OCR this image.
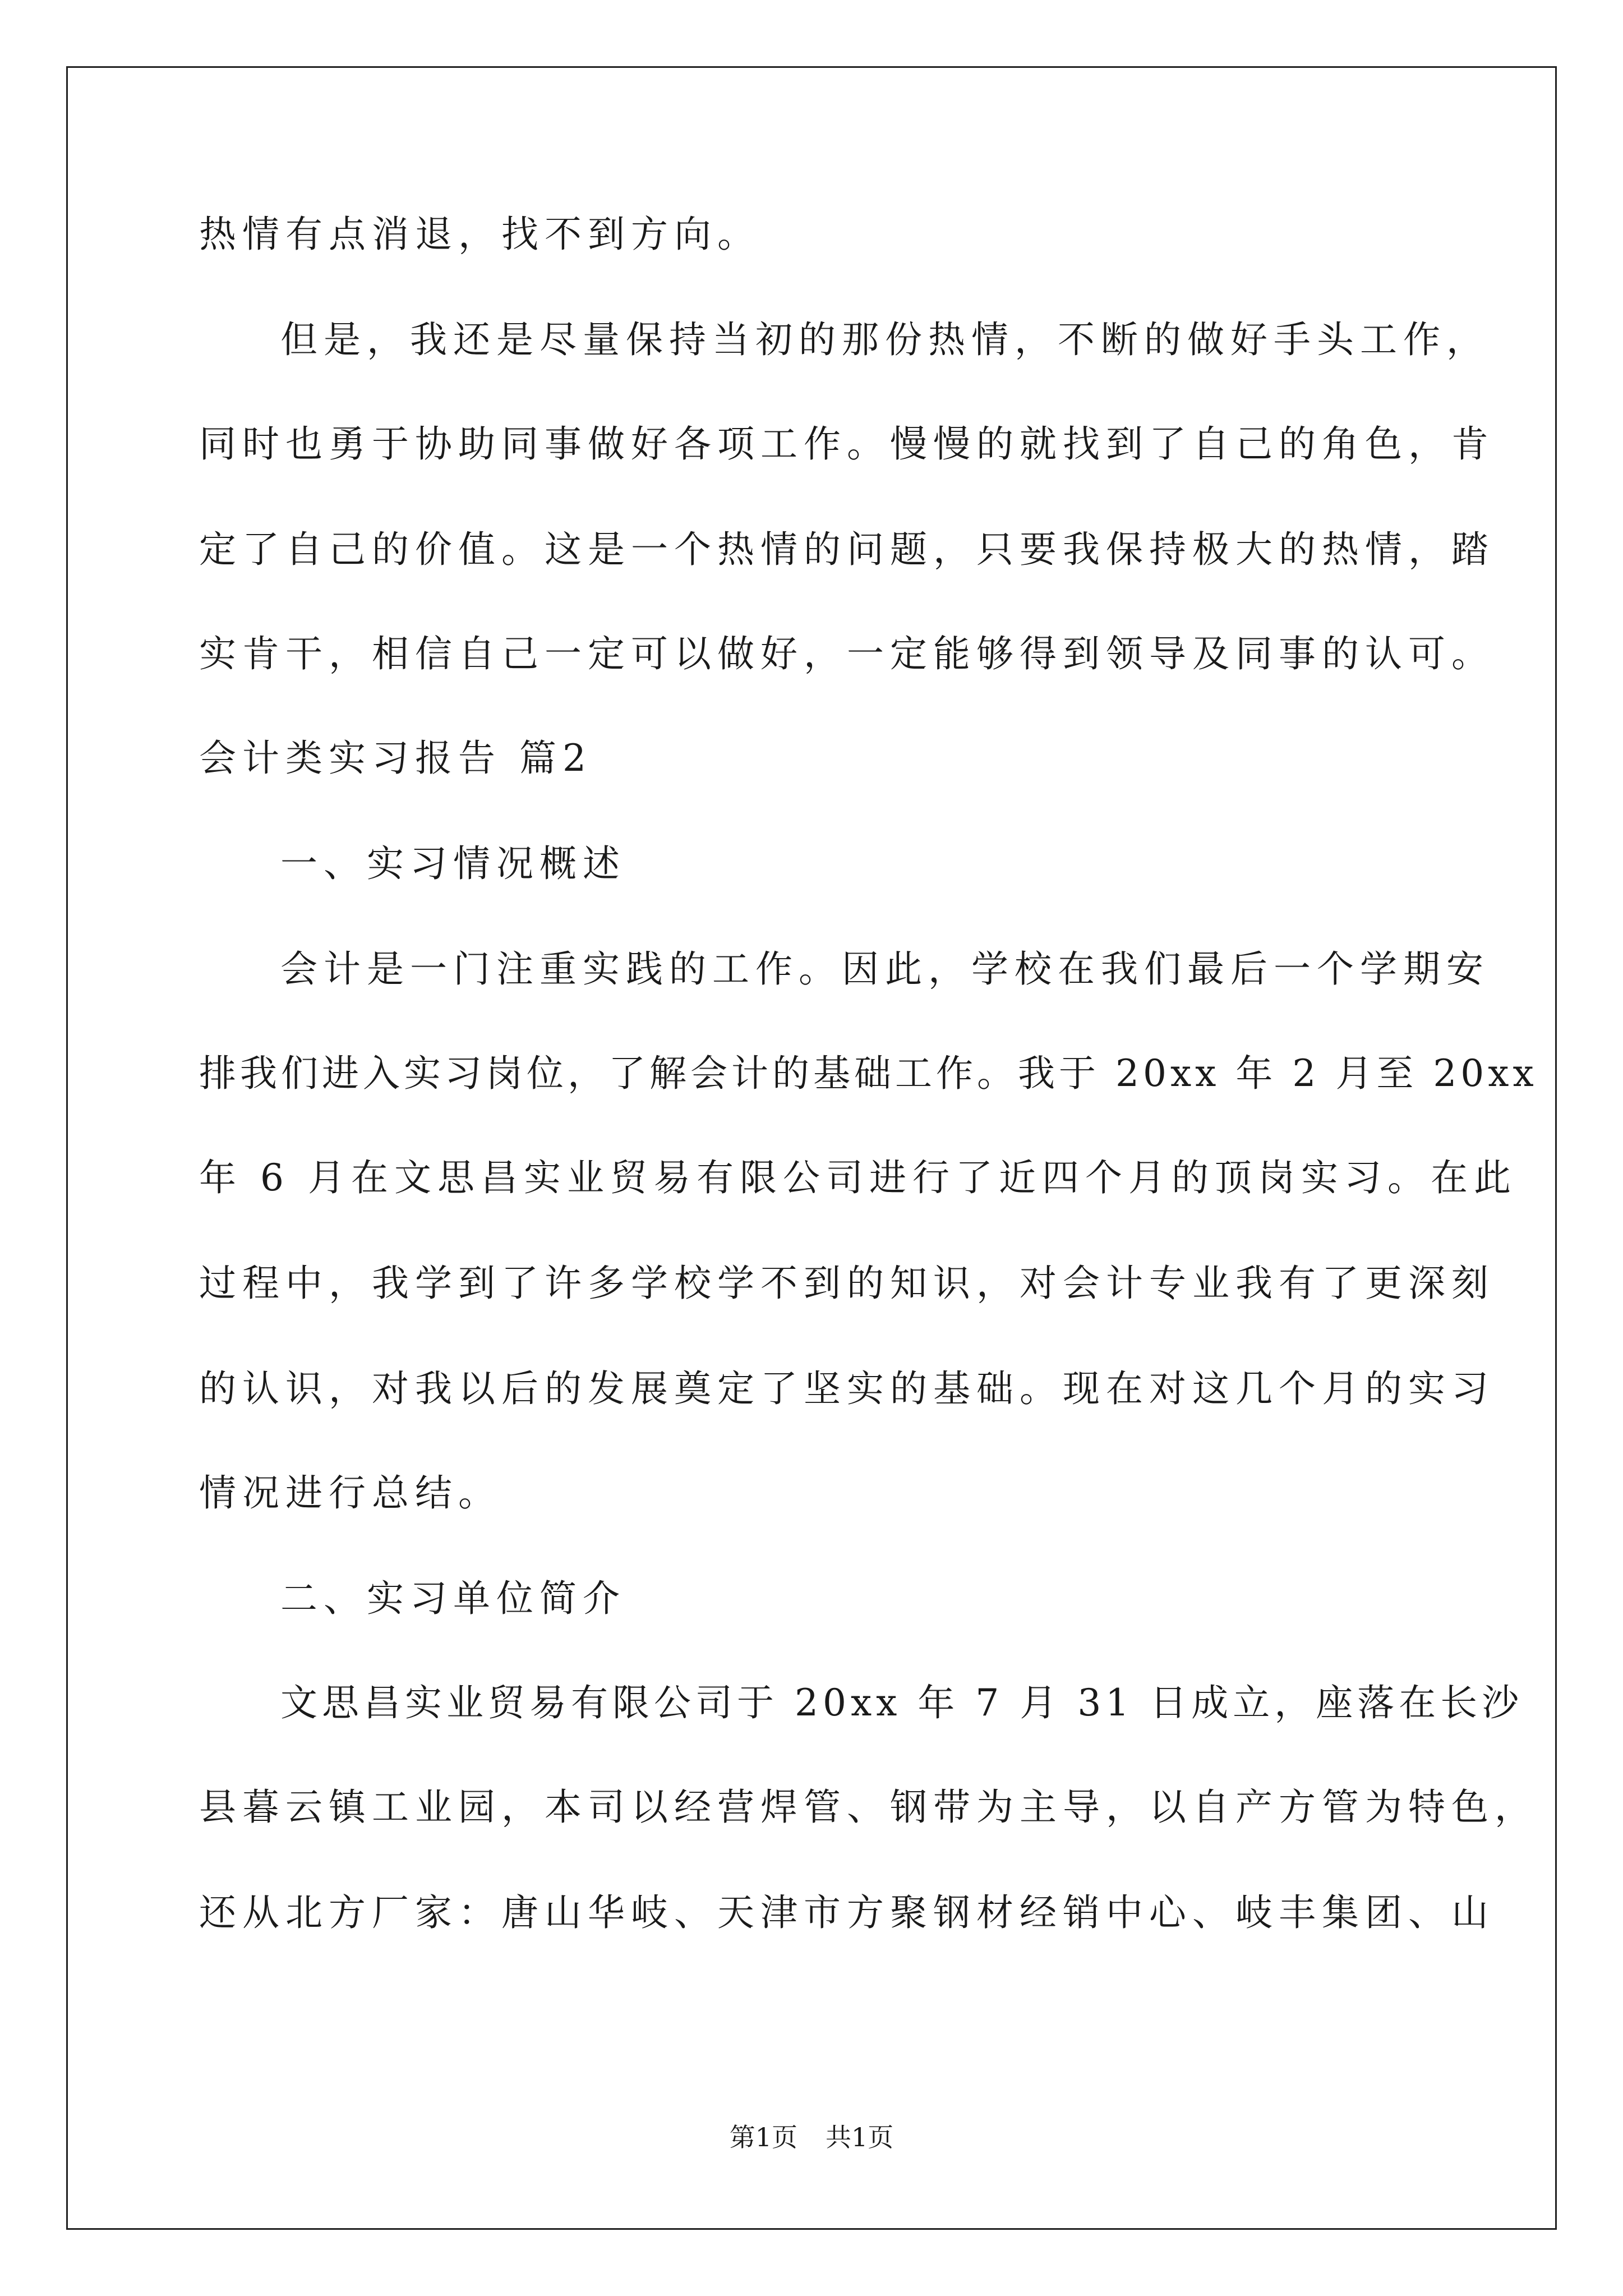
热情有点消退，找不到方向。
但是，我还是尽量保持当初的那份热情，不断的做好手头工作，
同时也勇于协助同事做好各项工作。慢慢的就找到了自己的角色，肯
定了自己的价值。这是一个热情的问题，只要我保持极大的热情，踏
实肯干，相信自己一定可以做好，一定能够得到领导及同事的认可。
会计类实习报告 篇2
一、实习情况概述
会计是一门注重实践的工作。因此，学校在我们最后一个学期安
排我们进入实习岗位，了解会计的基础工作。我于 20xx 年 2 月至 20xx
年 6 月在文思昌实业贸易有限公司进行了近四个月的顶岗实习。在此
过程中，我学到了许多学校学不到的知识，对会计专业我有了更深刻
的认识，对我以后的发展奠定了坚实的基础。现在对这几个月的实习
情况进行总结。
二、实习单位简介
文思昌实业贸易有限公司于 20xx 年 7 月 31 日成立，座落在长沙
县暮云镇工业园，本司以经营焊管、钢带为主导，以自产方管为特色，
还从北方厂家：唐山华岐、天津市方聚钢材经销中心、岐丰集团、山
第1页 共1页
